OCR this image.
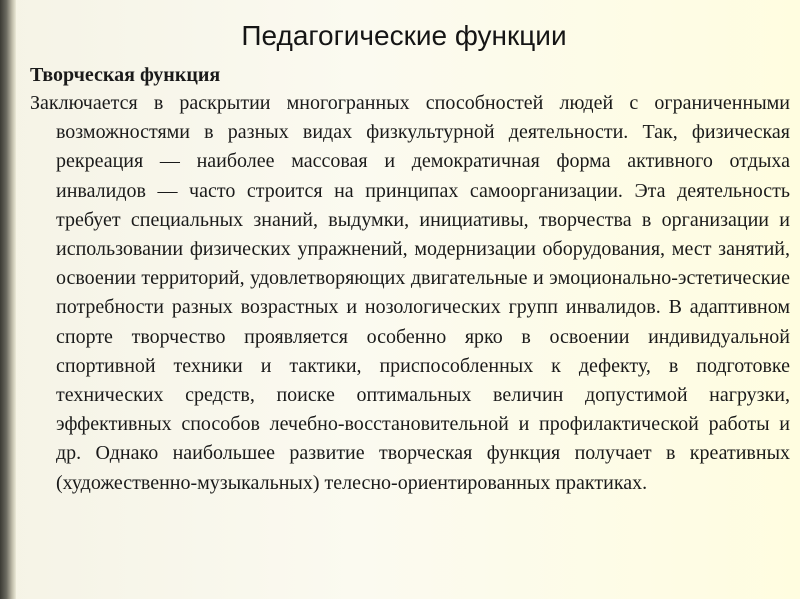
Педагогические функции
Творческая функция

Заключается в раскрытии многогранных способностей людей с ограниченными возможностями в разных видах физкультурной деятельности. Так, физическая рекреация — наиболее массовая и демократичная форма активного отдыха инвалидов — часто строится на принципах самоорганизации. Эта деятельность требует специальных знаний, выдумки, инициативы, творчества в организации и использовании физических упражнений, модернизации оборудования, мест занятий, освоении территорий, удовлетворяющих двигательные и эмоционально-эстетические потребности разных возрастных и нозологических групп инвалидов. В адаптивном спорте творчество проявляется особенно ярко в освоении индивидуальной спортивной техники и тактики, приспособленных к дефекту, в подготовке технических средств, поиске оптимальных величин допустимой нагрузки, эффективных способов лечебно-восстановительной и профилактической работы и др. Однако наибольшее развитие творческая функция получает в креативных (художественно-музыкальных) телесно-ориентированных практиках.
